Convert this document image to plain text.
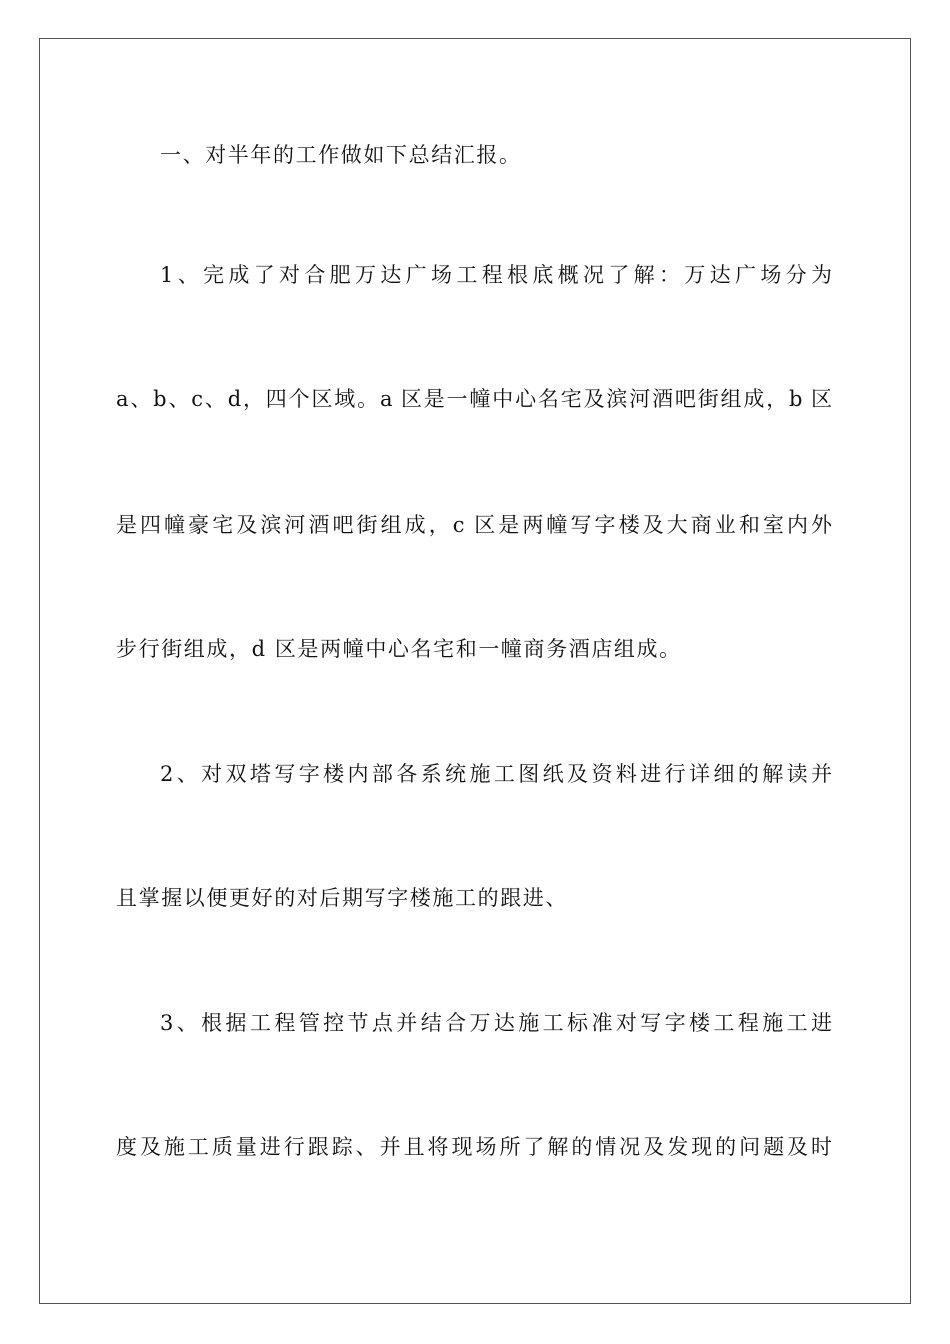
一、对半年的工作做如下总结汇报。
1、完成了对合肥万达广场工程根底概况了解：万达广场分为
a、b、c、d，四个区域。a 区是一幢中心名宅及滨河酒吧街组成，b 区
是四幢豪宅及滨河酒吧街组成，c 区是两幢写字楼及大商业和室内外
步行街组成，d 区是两幢中心名宅和一幢商务酒店组成。
2、对双塔写字楼内部各系统施工图纸及资料进行详细的解读并
且掌握以便更好的对后期写字楼施工的跟进、
3、根据工程管控节点并结合万达施工标准对写字楼工程施工进
度及施工质量进行跟踪、并且将现场所了解的情况及发现的问题及时
